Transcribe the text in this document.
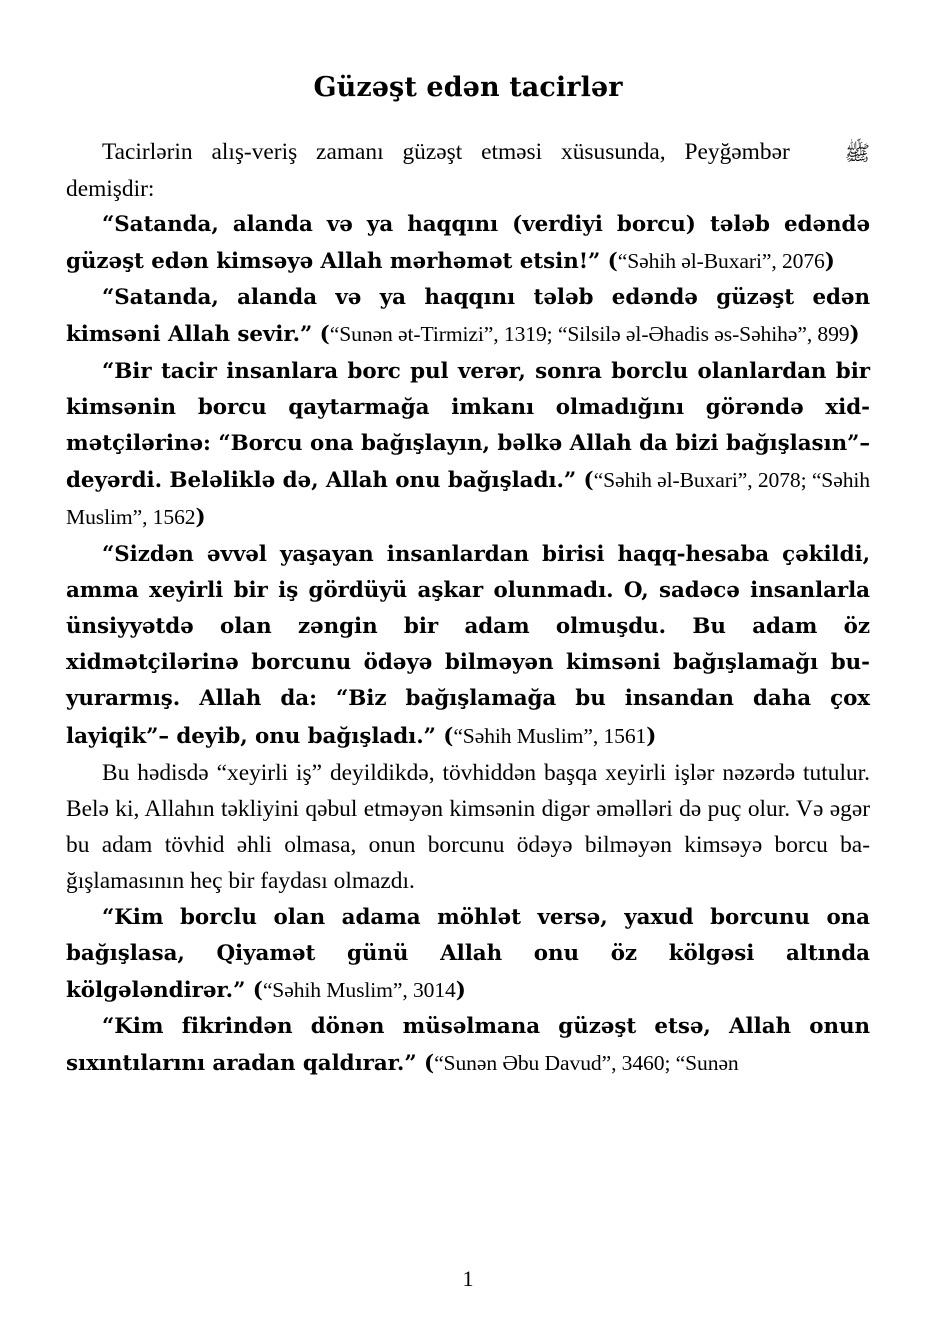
Güzəşt edən tacirlər

Tacirlərin alış-veriş zamanı güzəşt etməsi xüsusunda, Peyğəmbər ﷺ demişdir:

“Satanda, alanda və ya haqqını (verdiyi borcu) tələb edəndə güzəşt edən kimsəyə Allah mərhəmət etsin!” (“Səhih əl-Buxari”, 2076)

“Satanda, alanda və ya haqqını tələb edəndə güzəşt edən kimsəni Allah sevir.” (“Sunən ət-Tirmizi”, 1319; “Silsilə əl-Əhadis əs-Səhihə”, 899)

“Bir tacir insanlara borc pul verər, sonra borclu olanlardan bir kimsənin borcu qaytarmağa imkanı olmadığını görəndə xidmətçilərinə: “Borcu ona bağışlayın, bəlkə Allah da bizi bağışlasın”– deyərdi. Beləliklə də, Allah onu bağışladı.” (“Səhih əl-Buxari”, 2078; “Səhih Muslim”, 1562)

“Sizdən əvvəl yaşayan insanlardan birisi haqq-hesaba çəkildi, amma xeyirli bir iş gördüyü aşkar olunmadı. O, sadəcə insanlarla ünsiyyətdə olan zəngin bir adam olmuşdu. Bu adam öz xidmətçilərinə borcunu ödəyə bilməyən kimsəni bağışlamağı buyurarmış. Allah da: “Biz bağışlamağa bu insandan daha çox layiqik”– deyib, onu bağışladı.” (“Səhih Muslim”, 1561)

Bu hədisdə “xeyirli iş” deyildikdə, tövhiddən başqa xeyirli işlər nəzərdə tutulur. Belə ki, Allahın təkliyini qəbul etməyən kimsənin digər əməlləri də puç olur. Və əgər bu adam tövhid əhli olmasa, onun borcunu ödəyə bilməyən kimsəyə borcu bağışlamasının heç bir faydası olmazdı.

“Kim borclu olan adama möhlət versə, yaxud borcunu ona bağışlasa, Qiyamət günü Allah onu öz kölgəsi altında kölgələndirər.” (“Səhih Muslim”, 3014)

“Kim fikrindən dönən müsəlmana güzəşt etsə, Allah onun sıxıntılarını aradan qaldırar.” (“Sunən Əbu Davud”, 3460; “Sunən

1
